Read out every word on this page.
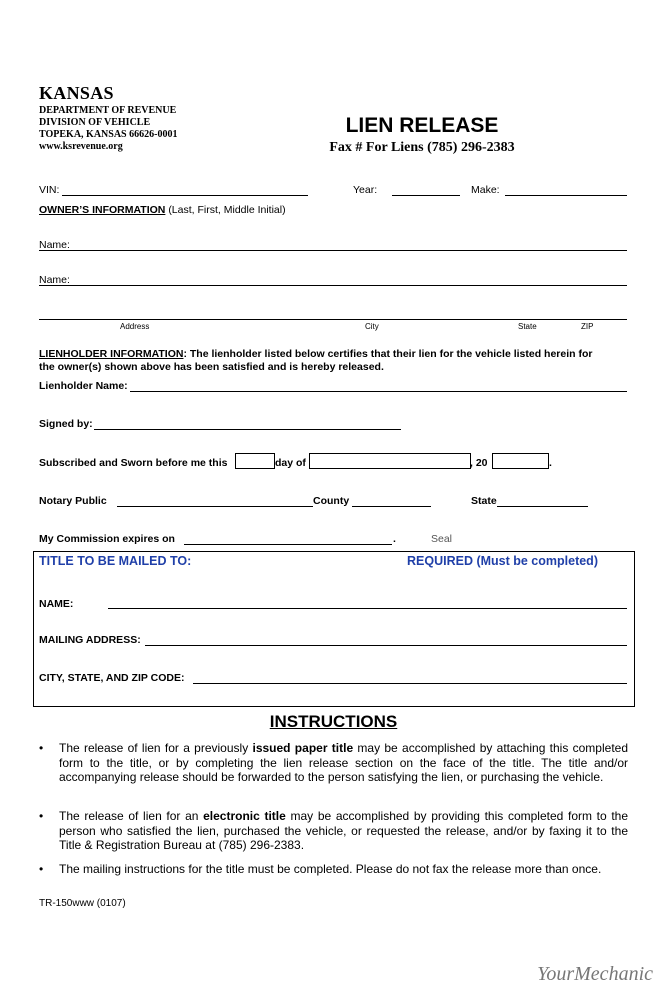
KANSAS
DEPARTMENT OF REVENUE
DIVISION OF VEHICLE
TOPEKA, KANSAS 66626-0001
www.ksrevenue.org
LIEN RELEASE
Fax # For Liens (785) 296-2383
VIN:	Year:	Make:
OWNER’S INFORMATION (Last, First, Middle Initial)
Name:
Name:
Address	City	State	ZIP
LIENHOLDER INFORMATION: The lienholder listed below certifies that their lien for the vehicle listed herein for
the owner(s) shown above has been satisfied and is hereby released.
Lienholder Name:
Signed by:
Subscribed and Sworn before me this	day of	, 20	.
Notary Public	County	State
My Commission expires on	.	Seal
TITLE TO BE MAILED TO:	REQUIRED (Must be completed)
NAME:
MAILING ADDRESS:
CITY, STATE, AND ZIP CODE:
INSTRUCTIONS
• The release of lien for a previously issued paper title may be accomplished by attaching this completed form to the title, or by completing the lien release section on the face of the title. The title and/or accompanying release should be forwarded to the person satisfying the lien, or purchasing the vehicle.
• The release of lien for an electronic title may be accomplished by providing this completed form to the person who satisfied the lien, purchased the vehicle, or requested the release, and/or by faxing it to the Title & Registration Bureau at (785) 296-2383.
• The mailing instructions for the title must be completed. Please do not fax the release more than once.
TR-150www (0107)
YourMechanic
